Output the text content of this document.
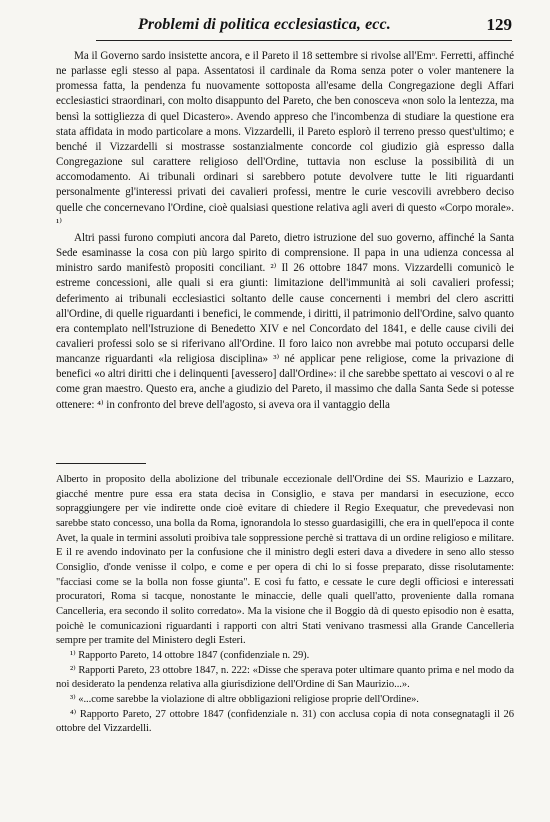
Problemi di politica ecclesiastica, ecc.	129

Ma il Governo sardo insistette ancora, e il Pareto il 18 settembre si rivolse all'Emᵒ. Ferretti, affinché ne parlasse egli stesso al papa. Assentatosi il cardinale da Roma senza poter o voler mantenere la promessa fatta, la pendenza fu nuovamente sottoposta all'esame della Congregazione degli Affari ecclesiastici straordinari, con molto disappunto del Pareto, che ben conosceva «non solo la lentezza, ma bensì la sottigliezza di quel Dicastero». Avendo appreso che l'incombenza di studiare la questione era stata affidata in modo particolare a mons. Vizzardelli, il Pareto esplorò il terreno presso quest'ultimo; e benché il Vizzardelli si mostrasse sostanzialmente concorde col giudizio già espresso dalla Congregazione sul carattere religioso dell'Ordine, tuttavia non escluse la possibilità di un accomodamento. Ai tribunali ordinari si sarebbero potute devolvere tutte le liti riguardanti personalmente gl'interessi privati dei cavalieri professi, mentre le curie vescovili avrebbero deciso quelle che concernevano l'Ordine, cioè qualsiasi questione relativa agli averi di questo «Corpo morale». ¹⁾

Altri passi furono compiuti ancora dal Pareto, dietro istruzione del suo governo, affinché la Santa Sede esaminasse la cosa con più largo spirito di comprensione. Il papa in una udienza concessa al ministro sardo manifestò propositi conciliant. ²⁾ Il 26 ottobre 1847 mons. Vizzardelli comunicò le estreme concessioni, alle quali si era giunti: limitazione dell'immunità ai soli cavalieri professi; deferimento ai tribunali ecclesiastici soltanto delle cause concernenti i membri del clero ascritti all'Ordine, di quelle riguardanti i benefici, le commende, i diritti, il patrimonio dell'Ordine, salvo quanto era contemplato nell'Istruzione di Benedetto XIV e nel Concordato del 1841, e delle cause civili dei cavalieri professi solo se si riferivano all'Ordine. Il foro laico non avrebbe mai potuto occuparsi delle mancanze riguardanti «la religiosa disciplina» ³⁾ né applicar pene religiose, come la privazione di benefici «o altri diritti che i delinquenti [avessero] dall'Ordine»: il che sarebbe spettato ai vescovi o al re come gran maestro. Questo era, anche a giudizio del Pareto, il massimo che dalla Santa Sede si potesse ottenere: ⁴⁾ in confronto del breve dell'agosto, si aveva ora il vantaggio della

Alberto in proposito della abolizione del tribunale eccezionale dell'Ordine dei SS. Maurizio e Lazzaro, giacché mentre pure essa era stata decisa in Consiglio, e stava per mandarsi in esecuzione, ecco sopraggiungere per vie indirette onde cioè evitare di chiedere il Regio Exequatur, che prevedevasi non sarebbe stato concesso, una bolla da Roma, ignorandola lo stesso guardasigilli, che era in quell'epoca il conte Avet, la quale in termini assoluti proibiva tale soppressione perchè si trattava di un ordine religioso e militare. E il re avendo indovinato per la confusione che il ministro degli esteri dava a divedere in seno allo stesso Consiglio, d'onde venisse il colpo, e come e per opera di chi lo si fosse preparato, disse risolutamente: "facciasi come se la bolla non fosse giunta". E così fu fatto, e cessate le cure degli officiosi e interessati procuratori, Roma si tacque, nonostante le minaccie, delle quali quell'atto, proveniente dalla romana Cancelleria, era secondo il solito corredato». Ma la visione che il Boggio dà di questo episodio non è esatta, poichè le comunicazioni riguardanti i rapporti con altri Stati venivano trasmessi alla Grande Cancelleria sempre per tramite del Ministero degli Esteri.

¹⁾ Rapporto Pareto, 14 ottobre 1847 (confidenziale n. 29).

²⁾ Rapporti Pareto, 23 ottobre 1847, n. 222: «Disse che sperava poter ultimare quanto prima e nel modo da noi desiderato la pendenza relativa alla giurisdizione dell'Ordine di San Maurizio...».

³⁾ «...come sarebbe la violazione di altre obbligazioni religiose proprie dell'Ordine».

⁴⁾ Rapporto Pareto, 27 ottobre 1847 (confidenziale n. 31) con acclusa copia di nota consegnatagli il 26 ottobre del Vizzardelli.
